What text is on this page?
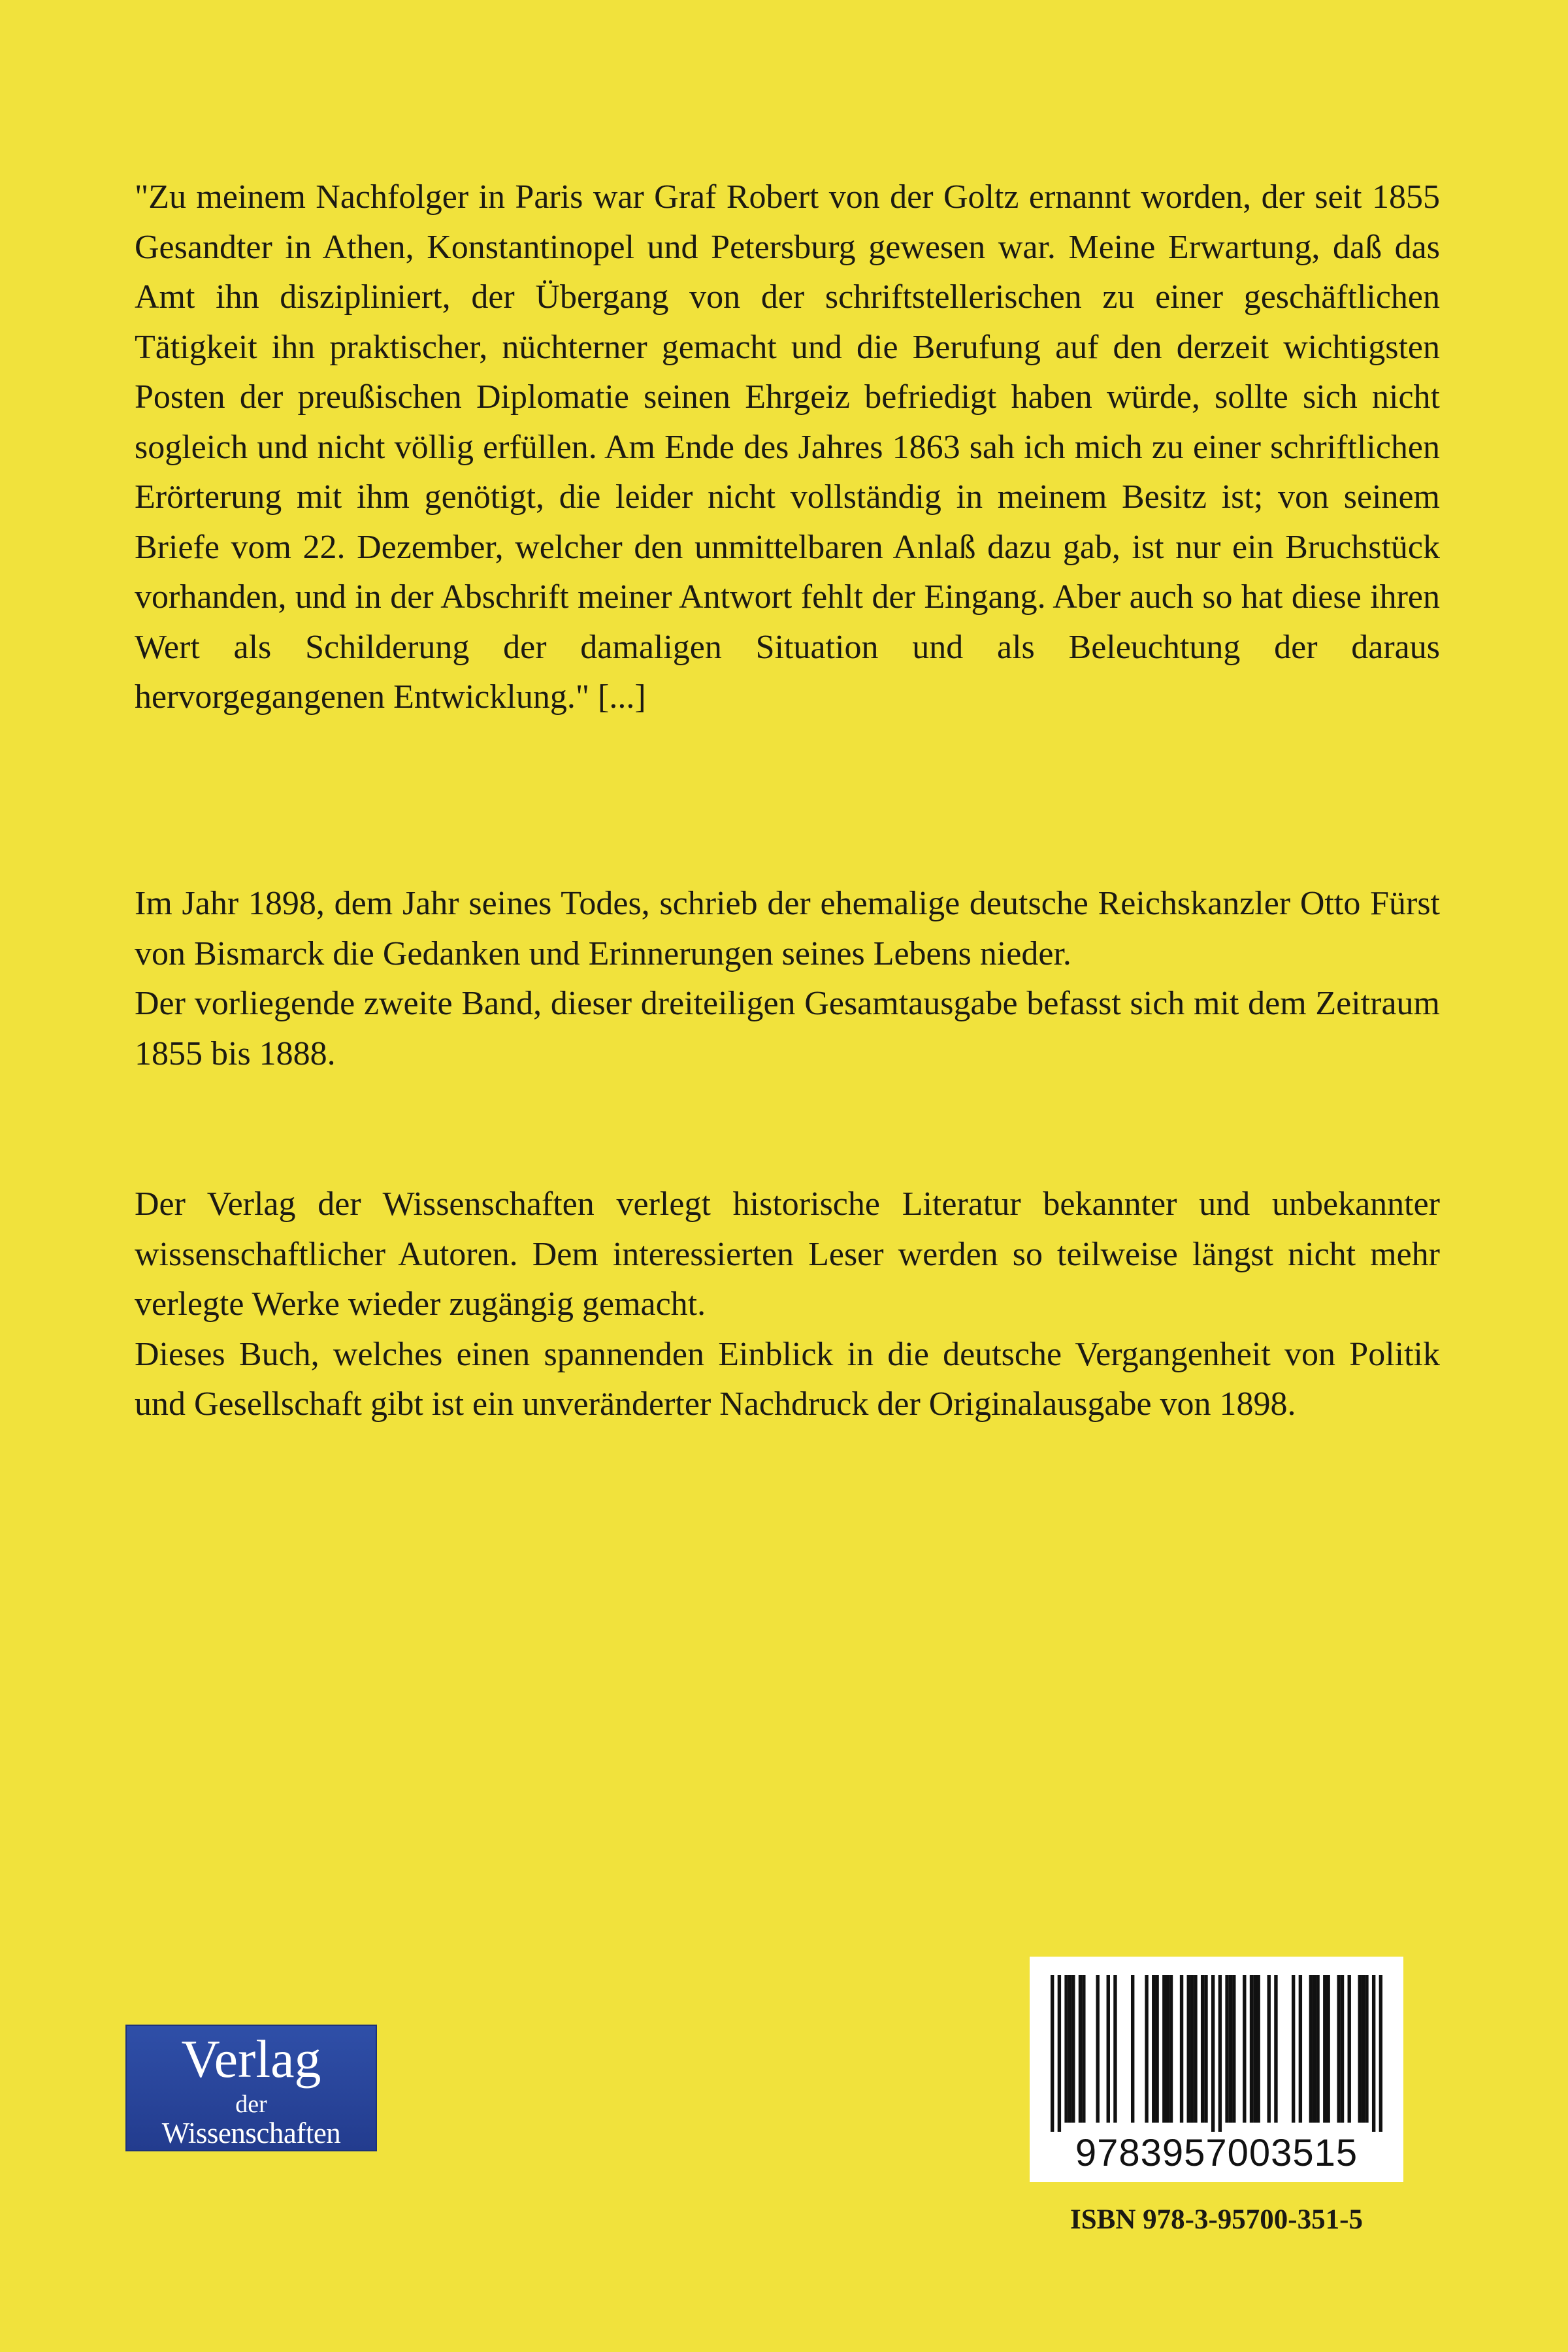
"Zu meinem Nachfolger in Paris war Graf Robert von der Goltz ernannt worden, der seit 1855 Gesandter in Athen, Konstantinopel und Petersburg gewesen war. Meine Erwartung, daß das Amt ihn diszipliniert, der Übergang von der schriftstellerischen zu einer geschäftlichen Tätigkeit ihn praktischer, nüchterner gemacht und die Berufung auf den derzeit wichtigsten Posten der preußischen Diplomatie seinen Ehrgeiz befriedigt haben würde, sollte sich nicht sogleich und nicht völlig erfüllen. Am Ende des Jahres 1863 sah ich mich zu einer schriftlichen Erörterung mit ihm genötigt, die leider nicht vollständig in meinem Besitz ist; von seinem Briefe vom 22. Dezember, welcher den unmittelbaren Anlaß dazu gab, ist nur ein Bruchstück vorhanden, und in der Abschrift meiner Antwort fehlt der Eingang. Aber auch so hat diese ihren Wert als Schilderung der damaligen Situation und als Beleuchtung der daraus hervorgegangenen Entwicklung." [...]

Im Jahr 1898, dem Jahr seines Todes, schrieb der ehemalige deutsche Reichskanzler Otto Fürst von Bismarck die Gedanken und Erinnerungen seines Lebens nieder.

Der vorliegende zweite Band, dieser dreiteiligen Gesamtausgabe befasst sich mit dem Zeitraum 1855 bis 1888.

Der Verlag der Wissenschaften verlegt historische Literatur bekannter und unbekannter wissenschaftlicher Autoren. Dem interessierten Leser werden so teilweise längst nicht mehr verlegte Werke wieder zugängig gemacht.

Dieses Buch, welches einen spannenden Einblick in die deutsche Vergangenheit von Politik und Gesellschaft gibt ist ein unveränderter Nachdruck der Originalausgabe von 1898.

Verlag
der
Wissenschaften	9783957003515
ISBN 978-3-95700-351-5
